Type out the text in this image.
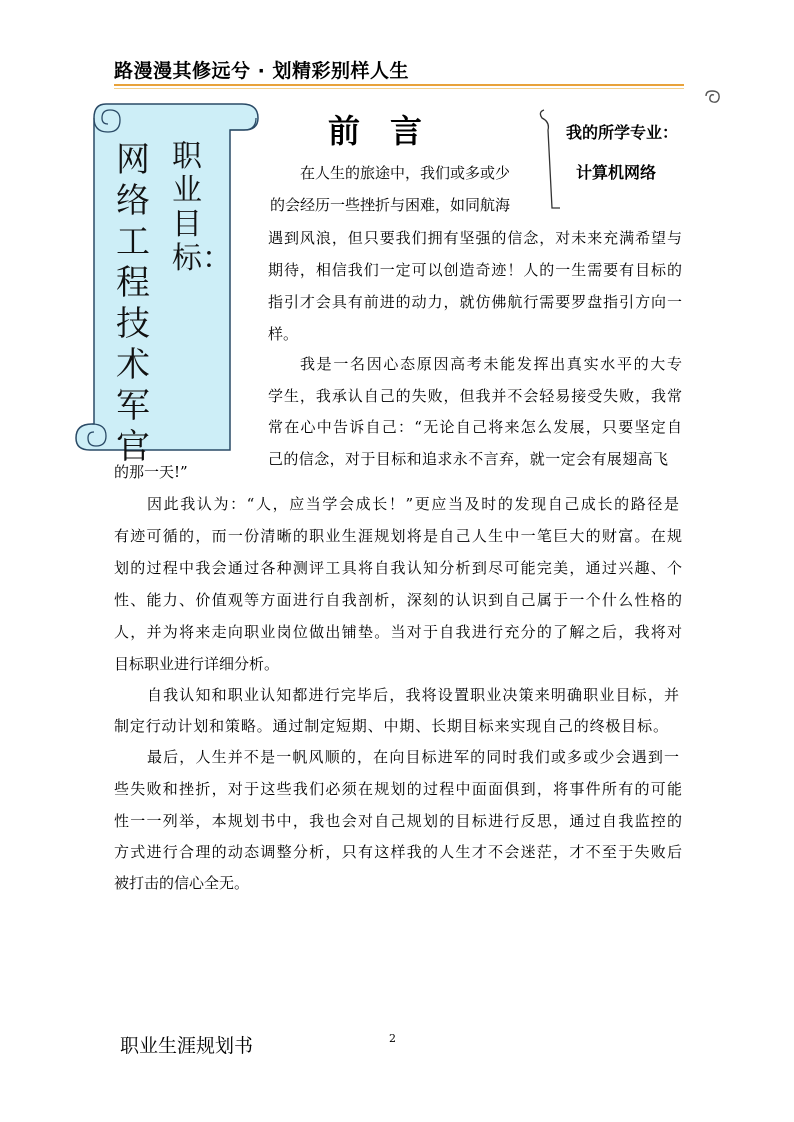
路漫漫其修远兮 · 划精彩别样人生
职业目标：
网络工程技术军官
前言	我的所学专业：
计算机网络
在人生的旅途中，我们或多或少
的会经历一些挫折与困难，如同航海
遇到风浪，但只要我们拥有坚强的信念，对未来充满希望与
期待，相信我们一定可以创造奇迹！人的一生需要有目标的
指引才会具有前进的动力，就仿佛航行需要罗盘指引方向一
样。
我是一名因心态原因高考未能发挥出真实水平的大专
学生，我承认自己的失败，但我并不会轻易接受失败，我常
常在心中告诉自己：“无论自己将来怎么发展，只要坚定自
己的信念，对于目标和追求永不言弃，就一定会有展翅高飞
的那一天!”
因此我认为：“人，应当学会成长！”更应当及时的发现自己成长的路径是
有迹可循的，而一份清晰的职业生涯规划将是自己人生中一笔巨大的财富。在规
划的过程中我会通过各种测评工具将自我认知分析到尽可能完美，通过兴趣、个
性、能力、价值观等方面进行自我剖析，深刻的认识到自己属于一个什么性格的
人，并为将来走向职业岗位做出铺垫。当对于自我进行充分的了解之后，我将对
目标职业进行详细分析。
自我认知和职业认知都进行完毕后，我将设置职业决策来明确职业目标，并
制定行动计划和策略。通过制定短期、中期、长期目标来实现自己的终极目标。
最后，人生并不是一帆风顺的，在向目标进军的同时我们或多或少会遇到一
些失败和挫折，对于这些我们必须在规划的过程中面面俱到，将事件所有的可能
性一一列举，本规划书中，我也会对自己规划的目标进行反思，通过自我监控的
方式进行合理的动态调整分析，只有这样我的人生才不会迷茫，才不至于失败后
被打击的信心全无。
职业生涯规划书	2
